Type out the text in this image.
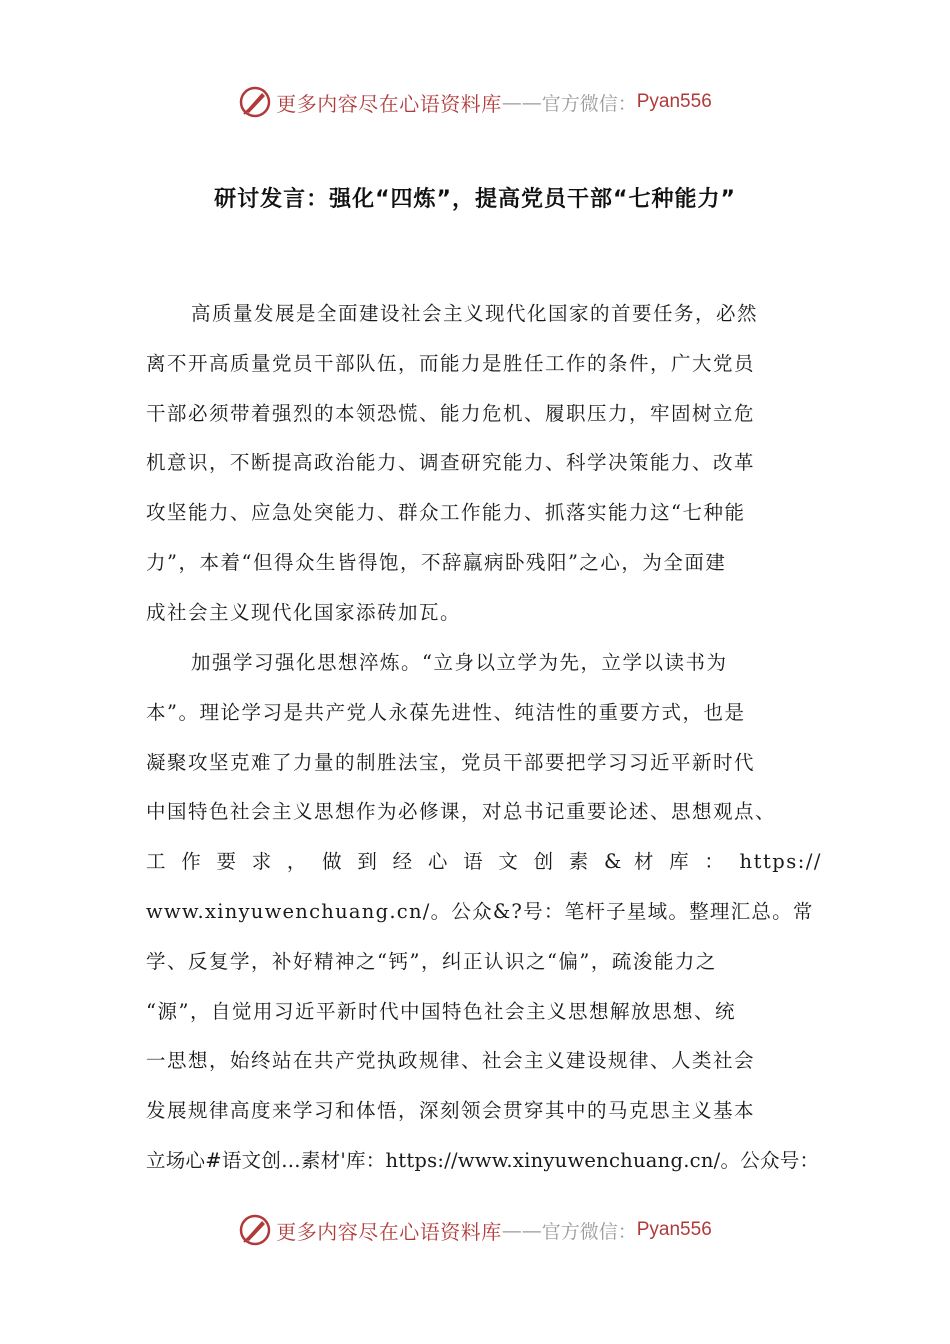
更多内容尽在心语资料库 —— 官方微信： Pyan556
研讨发言：强化“四炼”，提高党员干部“七种能力”
高质量发展是全面建设社会主义现代化国家的首要任务，必然
离不开高质量党员干部队伍，而能力是胜任工作的条件，广大党员
干部必须带着强烈的本领恐慌、能力危机、履职压力，牢固树立危
机意识，不断提高政治能力、调查研究能力、科学决策能力、改革
攻坚能力、应急处突能力、群众工作能力、抓落实能力这“七种能
力”，本着“但得众生皆得饱，不辞羸病卧残阳”之心，为全面建
成社会主义现代化国家添砖加瓦。
加强学习强化思想淬炼。“立身以立学为先，立学以读书为
本”。理论学习是共产党人永葆先进性、纯洁性的重要方式，也是
凝聚攻坚克难了力量的制胜法宝，党员干部要把学习习近平新时代
中国特色社会主义思想作为必修课，对总书记重要论述、思想观点、
工 作 要 求 ， 做 到 经 心 语 文 创 素 & 材 库 ： https://
www.xinyuwenchuang.cn/。公众&?号：笔杆子星域。整理汇总。常
学、反复学，补好精神之“钙”，纠正认识之“偏”，疏浚能力之
“源”，自觉用习近平新时代中国特色社会主义思想解放思想、统
一思想，始终站在共产党执政规律、社会主义建设规律、人类社会
发展规律高度来学习和体悟，深刻领会贯穿其中的马克思主义基本
立场心#语文创…素材'库：https://www.xinyuwenchuang.cn/。公众号：
更多内容尽在心语资料库 —— 官方微信： Pyan556
